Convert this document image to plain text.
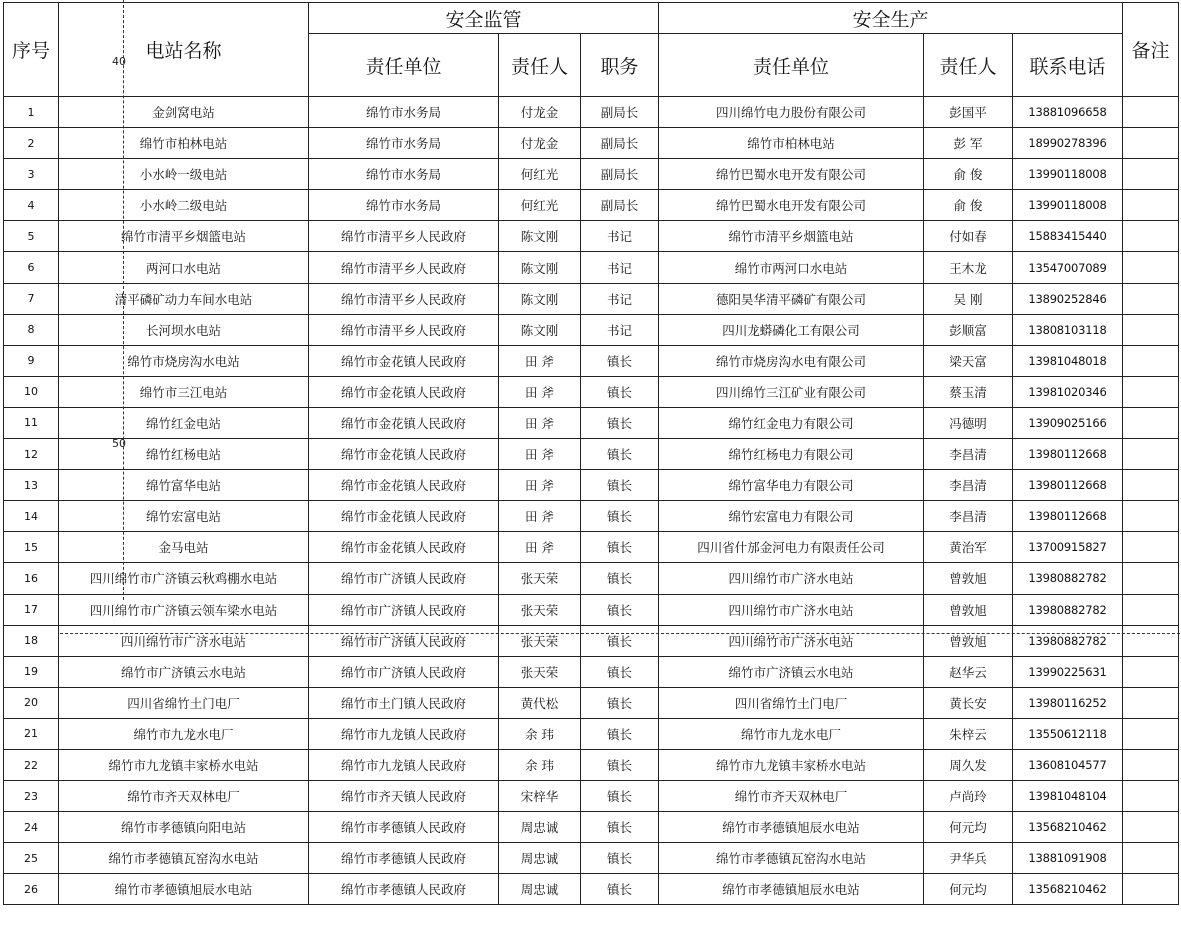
序号	电站名称	安全监管			安全生产			备注
		责任单位	责任人	职务	责任单位	责任人	联系电话	
1	金剑窝电站	绵竹市水务局	付龙金	副局长	四川绵竹电力股份有限公司	彭国平	13881096658	
2	绵竹市柏林电站	绵竹市水务局	付龙金	副局长	绵竹市柏林电站	彭 军	18990278396	
3	小水岭一级电站	绵竹市水务局	何红光	副局长	绵竹巴蜀水电开发有限公司	俞 俊	13990118008	
4	小水岭二级电站	绵竹市水务局	何红光	副局长	绵竹巴蜀水电开发有限公司	俞 俊	13990118008	
5	绵竹市清平乡烟篮电站	绵竹市清平乡人民政府	陈文刚	书记	绵竹市清平乡烟篮电站	付如春	15883415440	
6	两河口水电站	绵竹市清平乡人民政府	陈文刚	书记	绵竹市两河口水电站	王木龙	13547007089	
7	清平磷矿动力车间水电站	绵竹市清平乡人民政府	陈文刚	书记	德阳昊华清平磷矿有限公司	吴 刚	13890252846	
8	长河坝水电站	绵竹市清平乡人民政府	陈文刚	书记	四川龙蟒磷化工有限公司	彭顺富	13808103118	
9	绵竹市烧房沟水电站	绵竹市金花镇人民政府	田 斧	镇长	绵竹市烧房沟水电有限公司	梁天富	13981048018	
10	绵竹市三江电站	绵竹市金花镇人民政府	田 斧	镇长	四川绵竹三江矿业有限公司	蔡玉清	13981020346	
11	绵竹红金电站	绵竹市金花镇人民政府	田 斧	镇长	绵竹红金电力有限公司	冯德明	13909025166	
12	绵竹红杨电站	绵竹市金花镇人民政府	田 斧	镇长	绵竹红杨电力有限公司	李昌清	13980112668	
13	绵竹富华电站	绵竹市金花镇人民政府	田 斧	镇长	绵竹富华电力有限公司	李昌清	13980112668	
14	绵竹宏富电站	绵竹市金花镇人民政府	田 斧	镇长	绵竹宏富电力有限公司	李昌清	13980112668	
15	金马电站	绵竹市金花镇人民政府	田 斧	镇长	四川省什邡金河电力有限责任公司	黄治军	13700915827	
16	四川绵竹市广济镇云秋鸡棚水电站	绵竹市广济镇人民政府	张天荣	镇长	四川绵竹市广济水电站	曾敦旭	13980882782	
17	四川绵竹市广济镇云领车梁水电站	绵竹市广济镇人民政府	张天荣	镇长	四川绵竹市广济水电站	曾敦旭	13980882782	
18	四川绵竹市广济水电站	绵竹市广济镇人民政府	张天荣	镇长	四川绵竹市广济水电站	曾敦旭	13980882782	
19	绵竹市广济镇云水电站	绵竹市广济镇人民政府	张天荣	镇长	绵竹市广济镇云水电站	赵华云	13990225631	
20	四川省绵竹土门电厂	绵竹市土门镇人民政府	黄代松	镇长	四川省绵竹土门电厂	黄长安	13980116252	
21	绵竹市九龙水电厂	绵竹市九龙镇人民政府	余 玮	镇长	绵竹市九龙水电厂	朱梓云	13550612118	
22	绵竹市九龙镇丰家桥水电站	绵竹市九龙镇人民政府	余 玮	镇长	绵竹市九龙镇丰家桥水电站	周久发	13608104577	
23	绵竹市齐天双林电厂	绵竹市齐天镇人民政府	宋梓华	镇长	绵竹市齐天双林电厂	卢尚玲	13981048104	
24	绵竹市孝德镇向阳电站	绵竹市孝德镇人民政府	周忠诚	镇长	绵竹市孝德镇旭辰水电站	何元均	13568210462	
25	绵竹市孝德镇瓦窑沟水电站	绵竹市孝德镇人民政府	周忠诚	镇长	绵竹市孝德镇瓦窑沟水电站	尹华兵	13881091908	
26	绵竹市孝德镇旭辰水电站	绵竹市孝德镇人民政府	周忠诚	镇长	绵竹市孝德镇旭辰水电站	何元均	13568210462	
40
50
